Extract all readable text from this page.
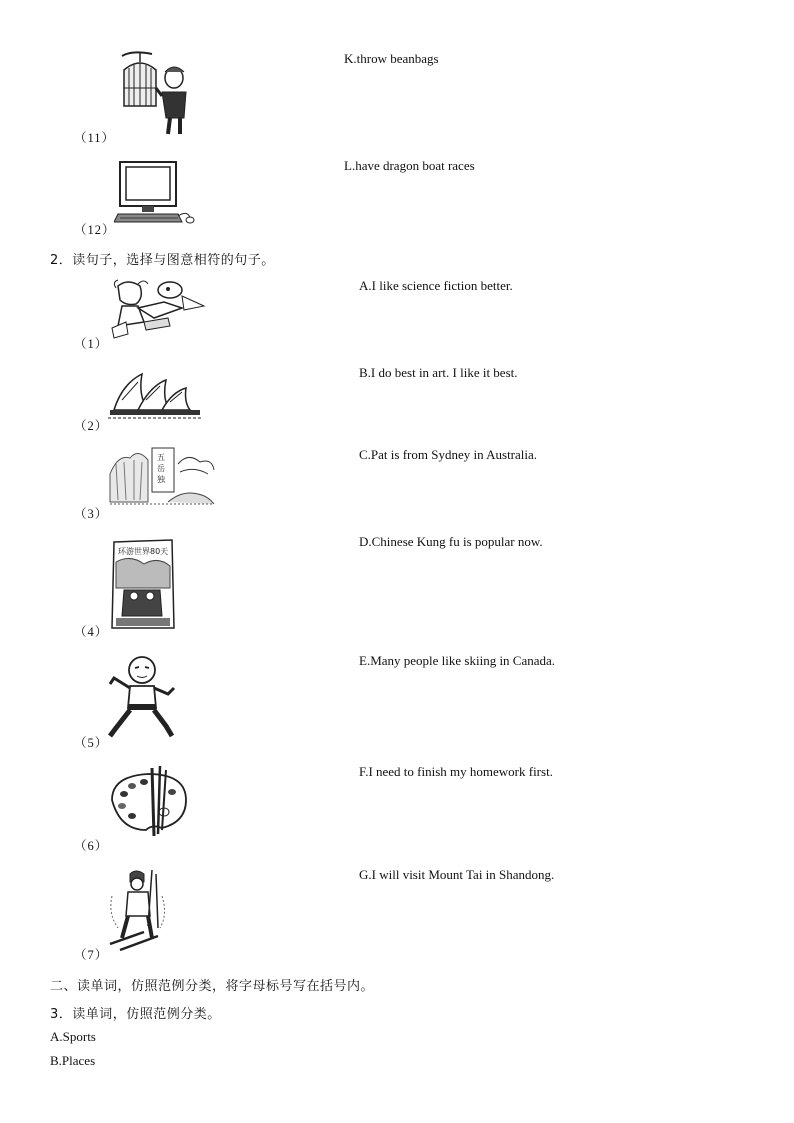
（11）
K.throw beanbags
（12）
L.have dragon boat races
2．读句子，选择与图意相符的句子。
（1）
A.I like science fiction better.
（2）
B.I do best in art. I like it best.
五
岳
独
（3）
C.Pat is from Sydney in Australia.
环游世界80天
（4）
D.Chinese Kung fu is popular now.
（5）
E.Many people like skiing in Canada.
（6）
F.I need to finish my homework first.
（7）
G.I will visit Mount Tai in Shandong.
二、读单词，仿照范例分类，将字母标号写在括号内。
3．读单词，仿照范例分类。
A.Sports
B.Places
